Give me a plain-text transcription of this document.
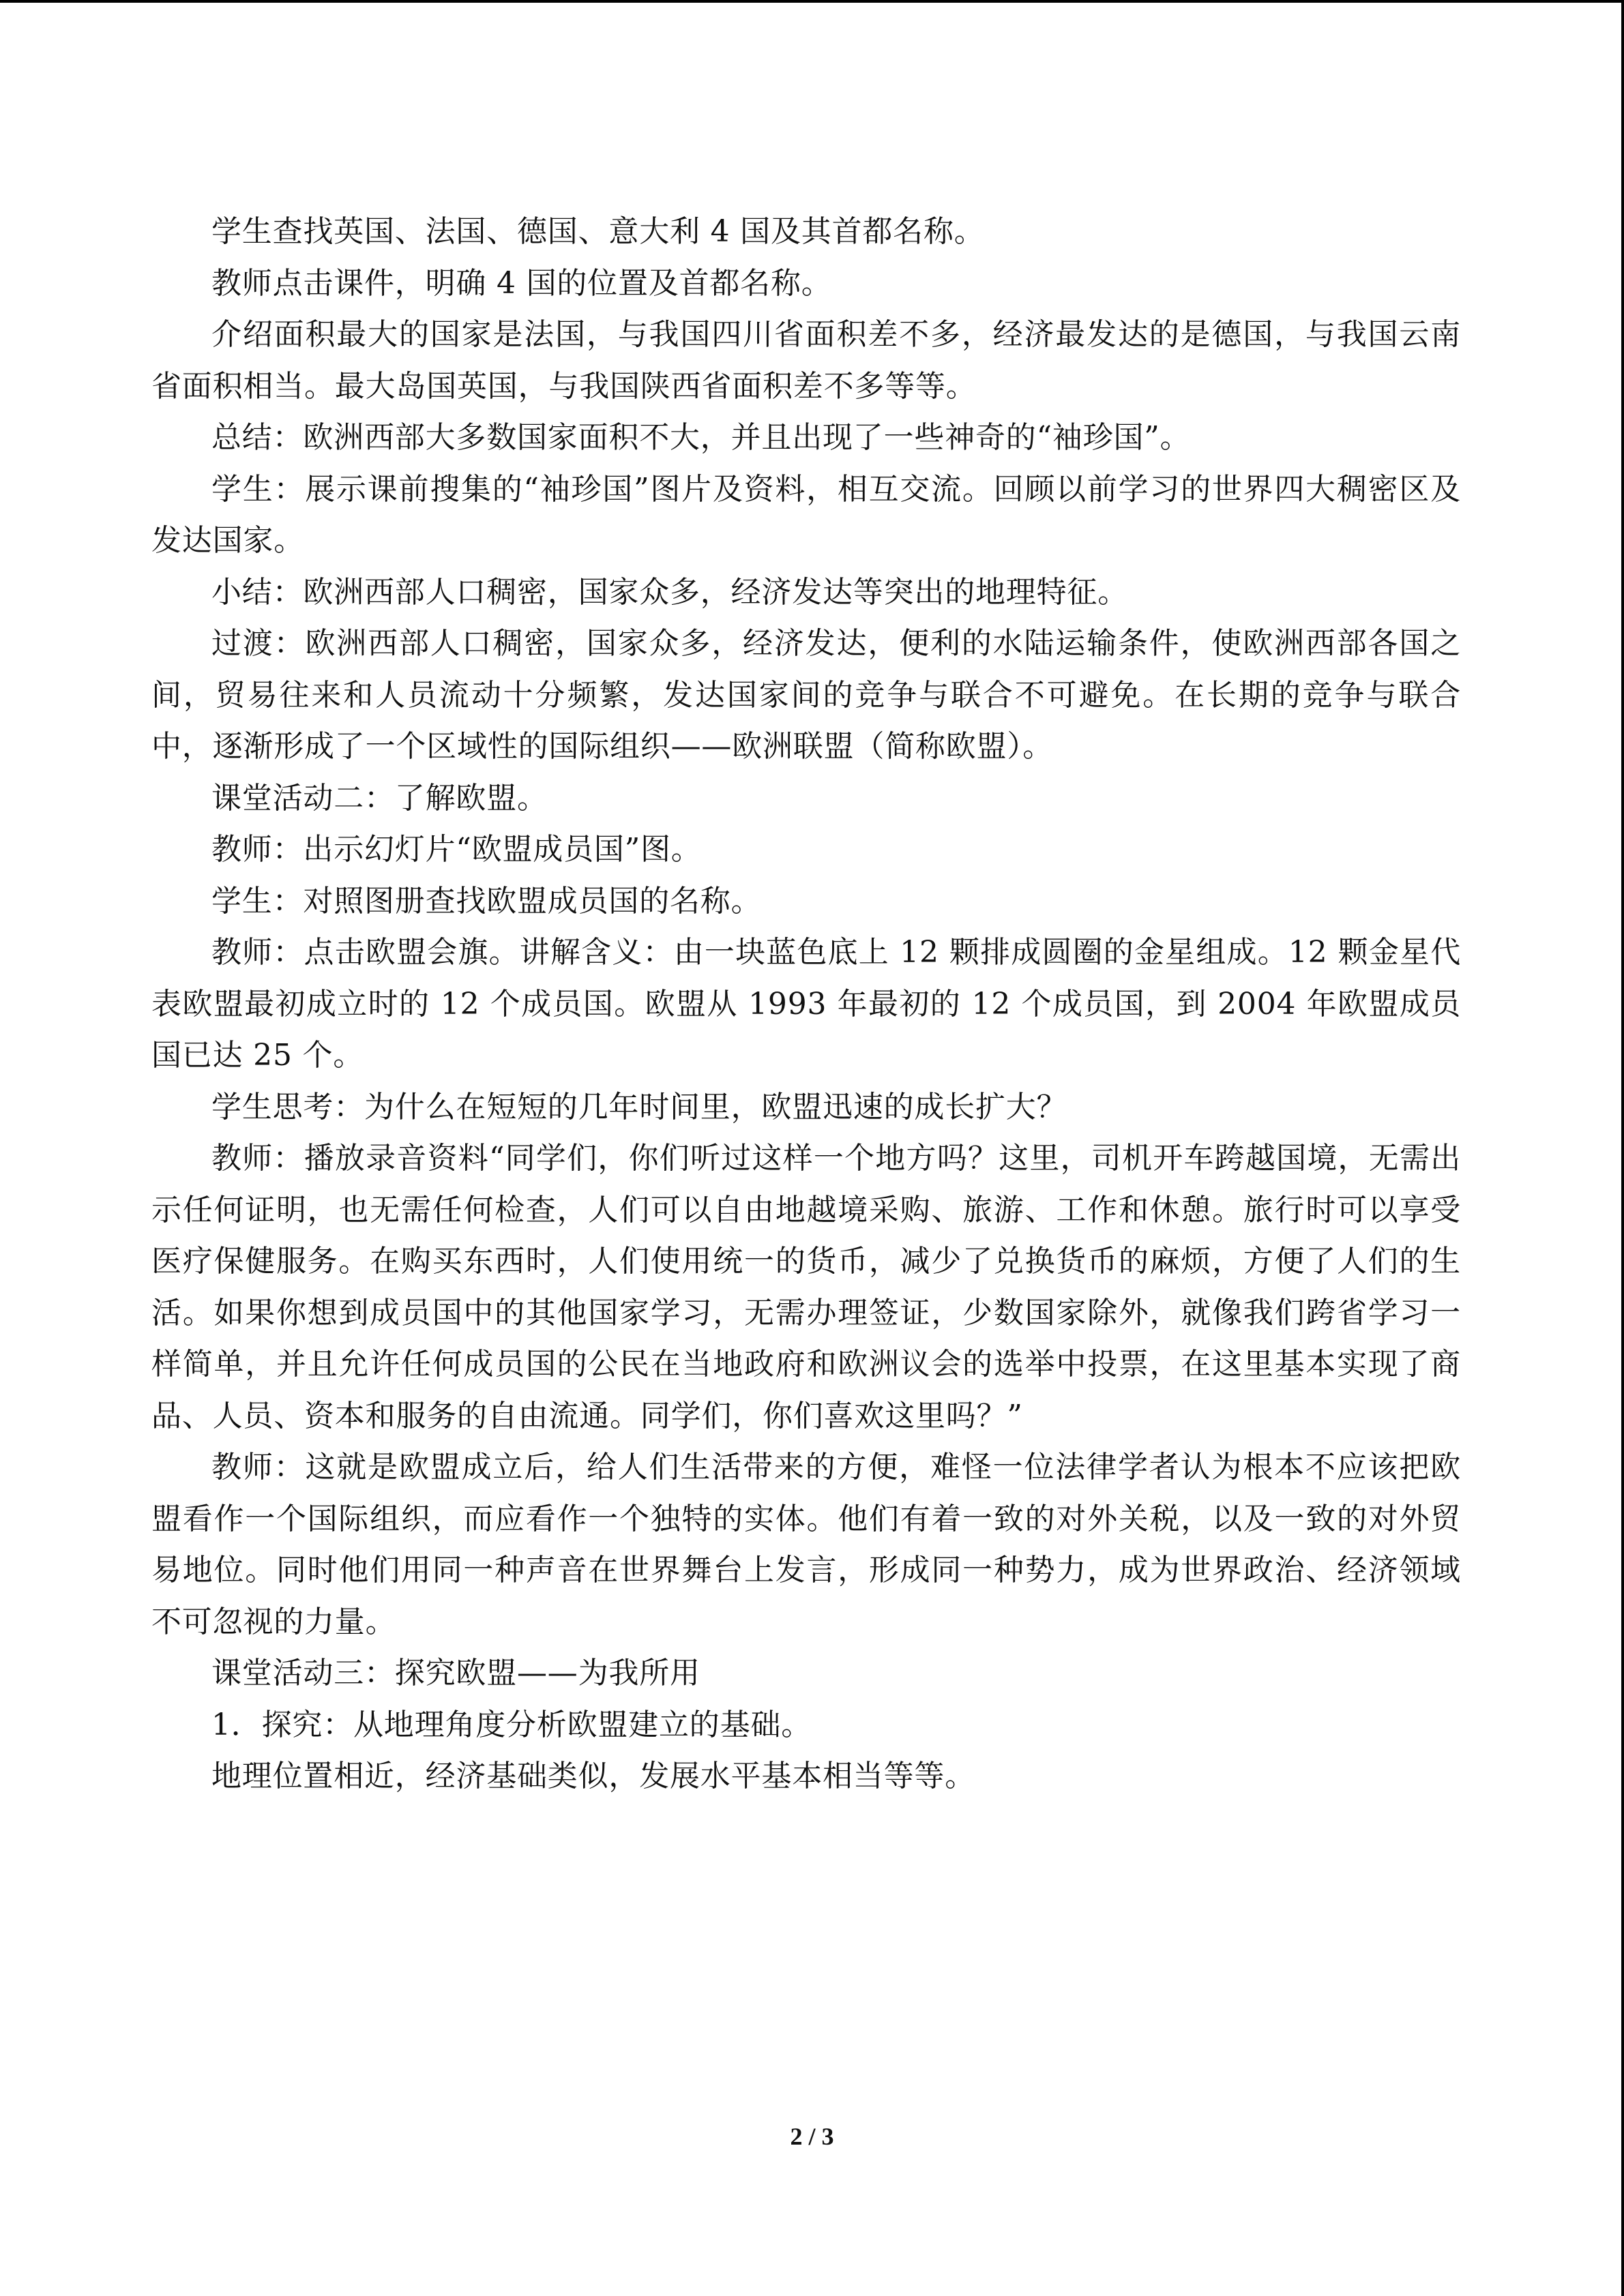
学生查找英国、法国、德国、意大利 4 国及其首都名称。

教师点击课件，明确 4 国的位置及首都名称。

介绍面积最大的国家是法国，与我国四川省面积差不多，经济最发达的是德国，与我国云南省面积相当。最大岛国英国，与我国陕西省面积差不多等等。

总结：欧洲西部大多数国家面积不大，并且出现了一些神奇的“袖珍国”。

学生：展示课前搜集的“袖珍国”图片及资料，相互交流。回顾以前学习的世界四大稠密区及发达国家。

小结：欧洲西部人口稠密，国家众多，经济发达等突出的地理特征。

过渡：欧洲西部人口稠密，国家众多，经济发达，便利的水陆运输条件，使欧洲西部各国之间，贸易往来和人员流动十分频繁，发达国家间的竞争与联合不可避免。在长期的竞争与联合中，逐渐形成了一个区域性的国际组织——欧洲联盟（简称欧盟）。

课堂活动二：了解欧盟。

教师：出示幻灯片“欧盟成员国”图。

学生：对照图册查找欧盟成员国的名称。

教师：点击欧盟会旗。讲解含义：由一块蓝色底上 12 颗排成圆圈的金星组成。12 颗金星代表欧盟最初成立时的 12 个成员国。欧盟从 1993 年最初的 12 个成员国，到 2004 年欧盟成员国已达 25 个。

学生思考：为什么在短短的几年时间里，欧盟迅速的成长扩大？

教师：播放录音资料“同学们，你们听过这样一个地方吗？这里，司机开车跨越国境，无需出示任何证明，也无需任何检查，人们可以自由地越境采购、旅游、工作和休憩。旅行时可以享受医疗保健服务。在购买东西时，人们使用统一的货币，减少了兑换货币的麻烦，方便了人们的生活。如果你想到成员国中的其他国家学习，无需办理签证，少数国家除外，就像我们跨省学习一样简单，并且允许任何成员国的公民在当地政府和欧洲议会的选举中投票，在这里基本实现了商品、人员、资本和服务的自由流通。同学们，你们喜欢这里吗？”

教师：这就是欧盟成立后，给人们生活带来的方便，难怪一位法律学者认为根本不应该把欧盟看作一个国际组织，而应看作一个独特的实体。他们有着一致的对外关税，以及一致的对外贸易地位。同时他们用同一种声音在世界舞台上发言，形成同一种势力，成为世界政治、经济领域不可忽视的力量。

课堂活动三：探究欧盟——为我所用

1．探究：从地理角度分析欧盟建立的基础。

地理位置相近，经济基础类似，发展水平基本相当等等。

2 / 3
